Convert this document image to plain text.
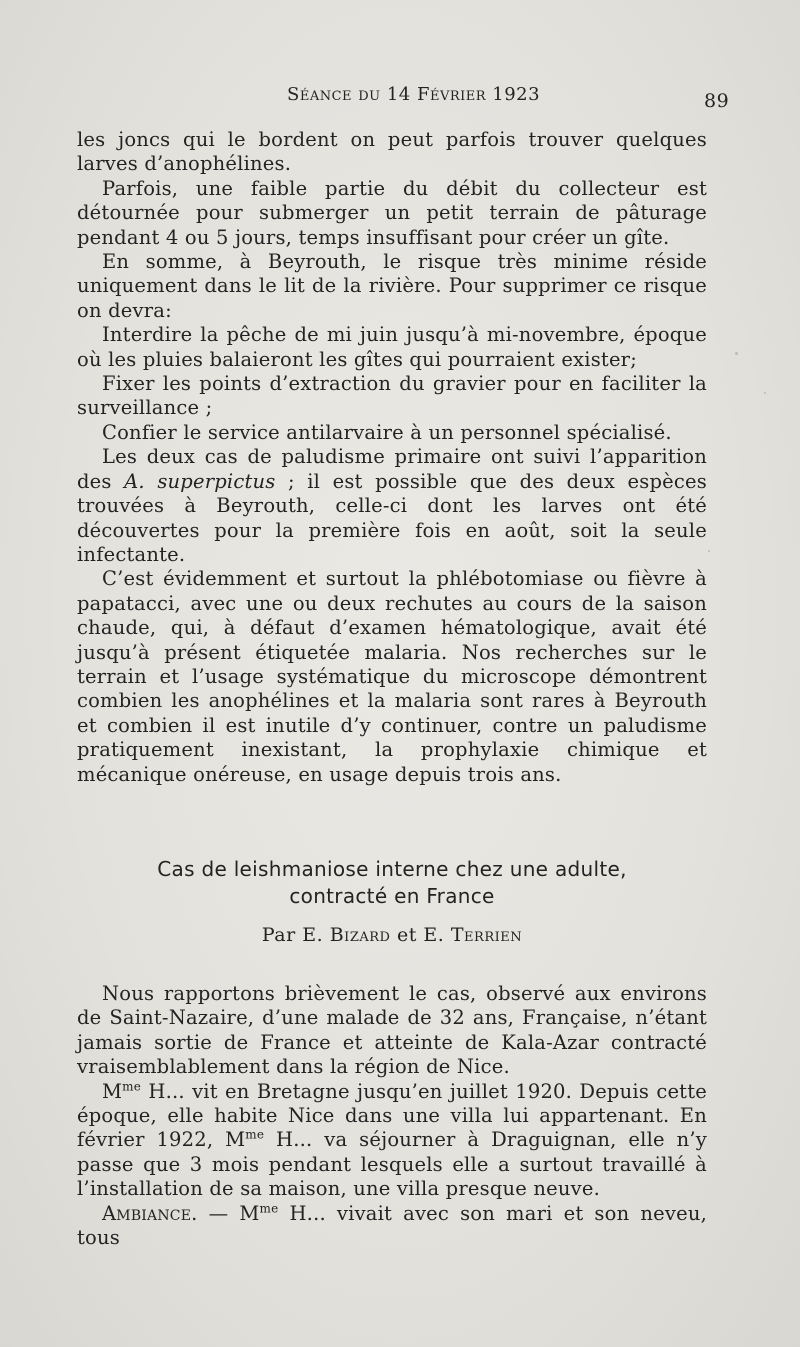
Séance du 14 Février 1923	89

les joncs qui le bordent on peut parfois trouver quelques larves d’anophélines.

Parfois, une faible partie du débit du collecteur est détournée pour submerger un petit terrain de pâturage pendant 4 ou 5 jours, temps insuffisant pour créer un gîte.

En somme, à Beyrouth, le risque très minime réside uniquement dans le lit de la rivière. Pour supprimer ce risque on devra:

Interdire la pêche de mi juin jusqu’à mi-novembre, époque où les pluies balaieront les gîtes qui pourraient exister;

Fixer les points d’extraction du gravier pour en faciliter la surveillance ;

Confier le service antilarvaire à un personnel spécialisé.

Les deux cas de paludisme primaire ont suivi l’apparition des A. superpictus ; il est possible que des deux espèces trouvées à Beyrouth, celle-ci dont les larves ont été découvertes pour la première fois en août, soit la seule infectante.

C’est évidemment et surtout la phlébotomiase ou fièvre à papatacci, avec une ou deux rechutes au cours de la saison chaude, qui, à défaut d’examen hématologique, avait été jusqu’à présent étiquetée malaria. Nos recherches sur le terrain et l’usage systématique du microscope démontrent combien les anophélines et la malaria sont rares à Beyrouth et combien il est inutile d’y continuer, contre un paludisme pratiquement inexistant, la prophylaxie chimique et mécanique onéreuse, en usage depuis trois ans.

Cas de leishmaniose interne chez une adulte,
contracté en France

Par E. Bizard et E. Terrien

Nous rapportons brièvement le cas, observé aux environs de Saint-Nazaire, d’une malade de 32 ans, Française, n’étant jamais sortie de France et atteinte de Kala-Azar contracté vraisemblablement dans la région de Nice.

$M^{me}$ H... vit en Bretagne jusqu’en juillet 1920. Depuis cette époque, elle habite Nice dans une villa lui appartenant. En février 1922, $M^{me}$ H... va séjourner à Draguignan, elle n’y passe que 3 mois pendant lesquels elle a surtout travaillé à l’installation de sa maison, une villa presque neuve.

Ambiance. — $M^{me}$ H... vivait avec son mari et son neveu, tous
